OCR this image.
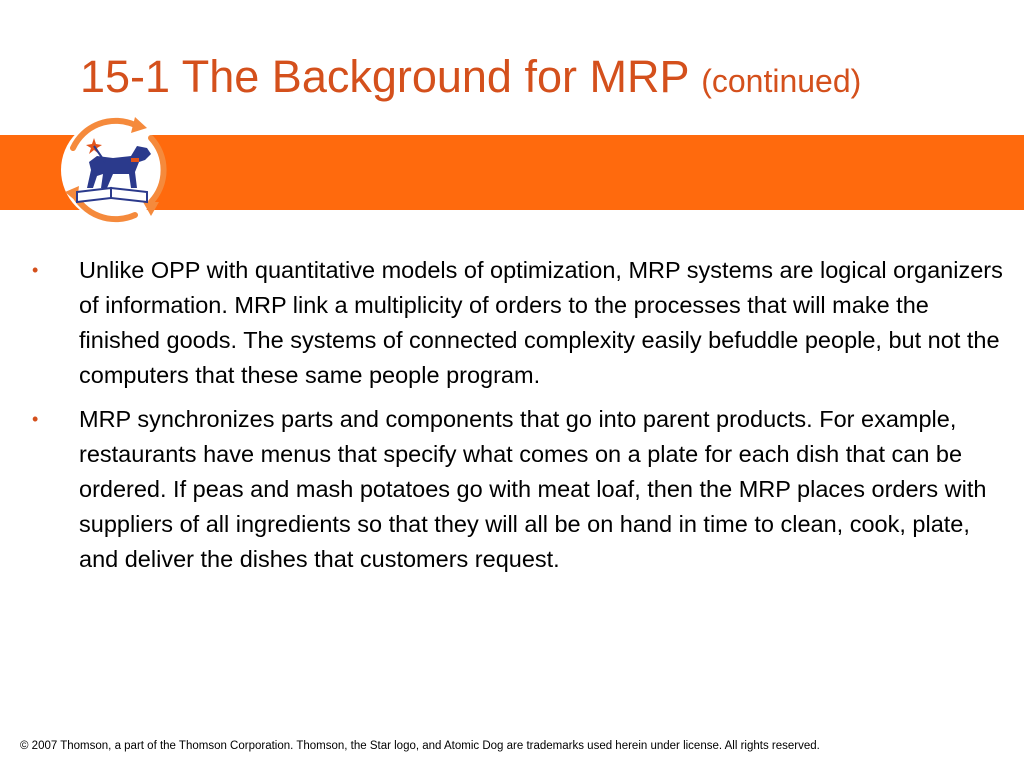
15-1 The Background for MRP (continued)
•	Unlike OPP with quantitative models of optimization, MRP systems are logical organizers of information. MRP link a multiplicity of orders to the processes that will make the finished goods. The systems of connected complexity easily befuddle people, but not the computers that these same people program.
•	MRP synchronizes parts and components that go into parent products. For example, restaurants have menus that specify what comes on a plate for each dish that can be ordered. If peas and mash potatoes go with meat loaf, then the MRP places orders with suppliers of all ingredients so that they will all be on hand in time to clean, cook, plate, and deliver the dishes that customers request.
© 2007 Thomson, a part of the Thomson Corporation. Thomson, the Star logo, and Atomic Dog are trademarks used herein under license. All rights reserved.
